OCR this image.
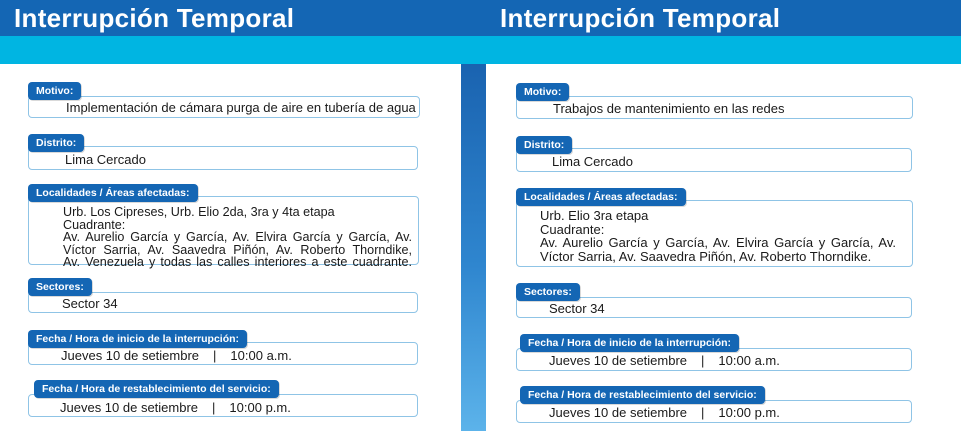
Interrupción Temporal
Implementación de cámara purga de aire en tubería de agua
Motivo:
Lima Cercado
Distrito:
Urb. Los Cipreses, Urb. Elio 2da, 3ra y 4ta etapa
Cuadrante:
Av. Aurelio García y García, Av. Elvira García y García, Av.
Víctor Sarria, Av. Saavedra Piñón, Av. Roberto Thorndike,
Av. Venezuela y todas las calles interiores a este cuadrante.
Localidades / Áreas afectadas:
Sector 34
Sectores:
Jueves 10 de setiembre | 10:00 a.m.
Fecha / Hora de inicio de la interrupción:
Jueves 10 de setiembre | 10:00 p.m.
Fecha / Hora de restablecimiento del servicio:
Interrupción Temporal
Trabajos de mantenimiento en las redes
Motivo:
Lima Cercado
Distrito:
Urb. Elio 3ra etapa
Cuadrante:
Av. Aurelio García y García, Av. Elvira García y García, Av.
Víctor Sarria, Av. Saavedra Piñón, Av. Roberto Thorndike.
Localidades / Áreas afectadas:
Sector 34
Sectores:
Jueves 10 de setiembre | 10:00 a.m.
Fecha / Hora de inicio de la interrupción:
Jueves 10 de setiembre | 10:00 p.m.
Fecha / Hora de restablecimiento del servicio:
